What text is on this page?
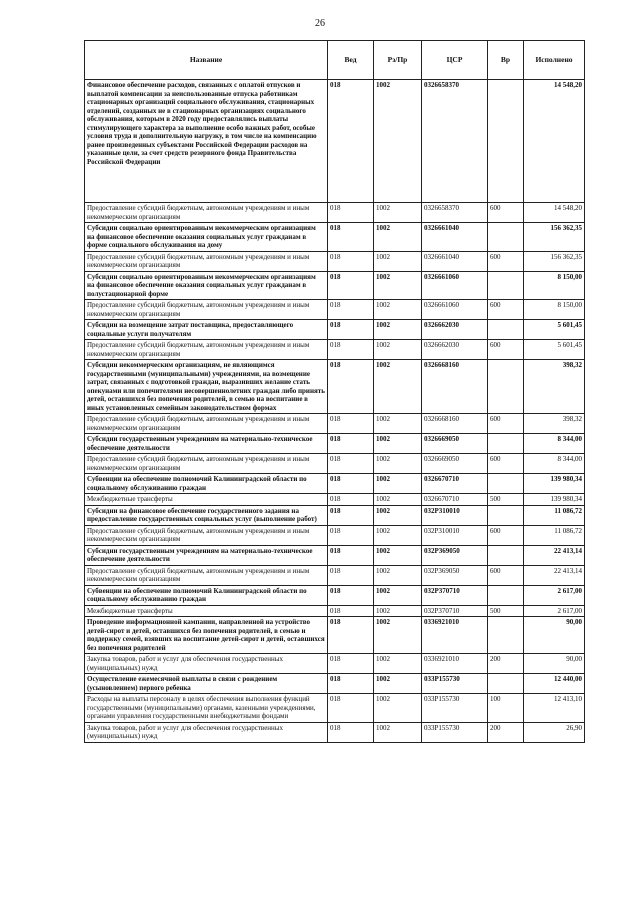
26
Название	Вед	Рз/Пр	ЦСР	Вр	Исполнено
Финансовое обеспечение расходов, связанных с оплатой отпусков и выплатой компенсации за неиспользованные отпуска работникам стационарных организаций социального обслуживания, стационарных отделений, созданных не в стационарных организациях социального обслуживания, которым в 2020 году предоставлялись выплаты стимулирующего характера за выполнение особо важных работ, особые условия труда и дополнительную нагрузку, в том числе на компенсацию ранее произведенных субъектами Российской Федерации расходов на указанные цели, за счет средств резервного фонда Правительства Российской Федерации	018	1002	0326658370		14 548,20
Предоставление субсидий бюджетным, автономным учреждениям и иным некоммерческим организациям	018	1002	0326658370	600	14 548,20
Субсидии социально ориентированным некоммерческим организациям на финансовое обеспечение оказания социальных услуг гражданам в форме социального обслуживания на дому	018	1002	0326661040		156 362,35
Предоставление субсидий бюджетным, автономным учреждениям и иным некоммерческим организациям	018	1002	0326661040	600	156 362,35
Субсидии социально ориентированным некоммерческим организациям на финансовое обеспечение оказания социальных услуг гражданам в полустационарной форме	018	1002	0326661060		8 150,00
Предоставление субсидий бюджетным, автономным учреждениям и иным некоммерческим организациям	018	1002	0326661060	600	8 150,00
Субсидии на возмещение затрат поставщика, предоставляющего социальные услуги получателям	018	1002	0326662030		5 601,45
Предоставление субсидий бюджетным, автономным учреждениям и иным некоммерческим организациям	018	1002	0326662030	600	5 601,45
Субсидии некоммерческим организациям, не являющимся государственными (муниципальными) учреждениями, на возмещение затрат, связанных с подготовкой граждан, выразивших желание стать опекунами или попечителями несовершеннолетних граждан либо принять детей, оставшихся без попечения родителей, в семью на воспитание в иных установленных семейным законодательством формах	018	1002	0326668160		398,32
Предоставление субсидий бюджетным, автономным учреждениям и иным некоммерческим организациям	018	1002	0326668160	600	398,32
Субсидии государственным учреждениям на материально-техническое обеспечение деятельности	018	1002	0326669050		8 344,00
Предоставление субсидий бюджетным, автономным учреждениям и иным некоммерческим организациям	018	1002	0326669050	600	8 344,00
Субвенции на обеспечение полномочий Калининградской области по социальному обслуживанию граждан	018	1002	0326670710		139 980,34
Межбюджетные трансферты	018	1002	0326670710	500	139 980,34
Субсидии на финансовое обеспечение государственного задания на предоставление государственных социальных услуг (выполнение работ)	018	1002	032P310010		11 086,72
Предоставление субсидий бюджетным, автономным учреждениям и иным некоммерческим организациям	018	1002	032P310010	600	11 086,72
Субсидии государственным учреждениям на материально-техническое обеспечение деятельности	018	1002	032P369050		22 413,14
Предоставление субсидий бюджетным, автономным учреждениям и иным некоммерческим организациям	018	1002	032P369050	600	22 413,14
Субвенции на обеспечение полномочий Калининградской области по социальному обслуживанию граждан	018	1002	032P370710		2 617,00
Межбюджетные трансферты	018	1002	032P370710	500	2 617,00
Проведение информационной кампании, направленной на устройство детей-сирот и детей, оставшихся без попечения родителей, в семью и поддержку семей, взявших на воспитание детей-сирот и детей, оставшихся без попечения родителей	018	1002	0336921010		90,00
Закупка товаров, работ и услуг для обеспечения государственных (муниципальных) нужд	018	1002	0336921010	200	90,00
Осуществление ежемесячной выплаты в связи с рождением (усыновлением) первого ребенка	018	1002	033P155730		12 440,00
Расходы на выплаты персоналу в целях обеспечения выполнения функций государственными (муниципальными) органами, казенными учреждениями, органами управления государственными внебюджетными фондами	018	1002	033P155730	100	12 413,10
Закупка товаров, работ и услуг для обеспечения государственных (муниципальных) нужд	018	1002	033P155730	200	26,90
